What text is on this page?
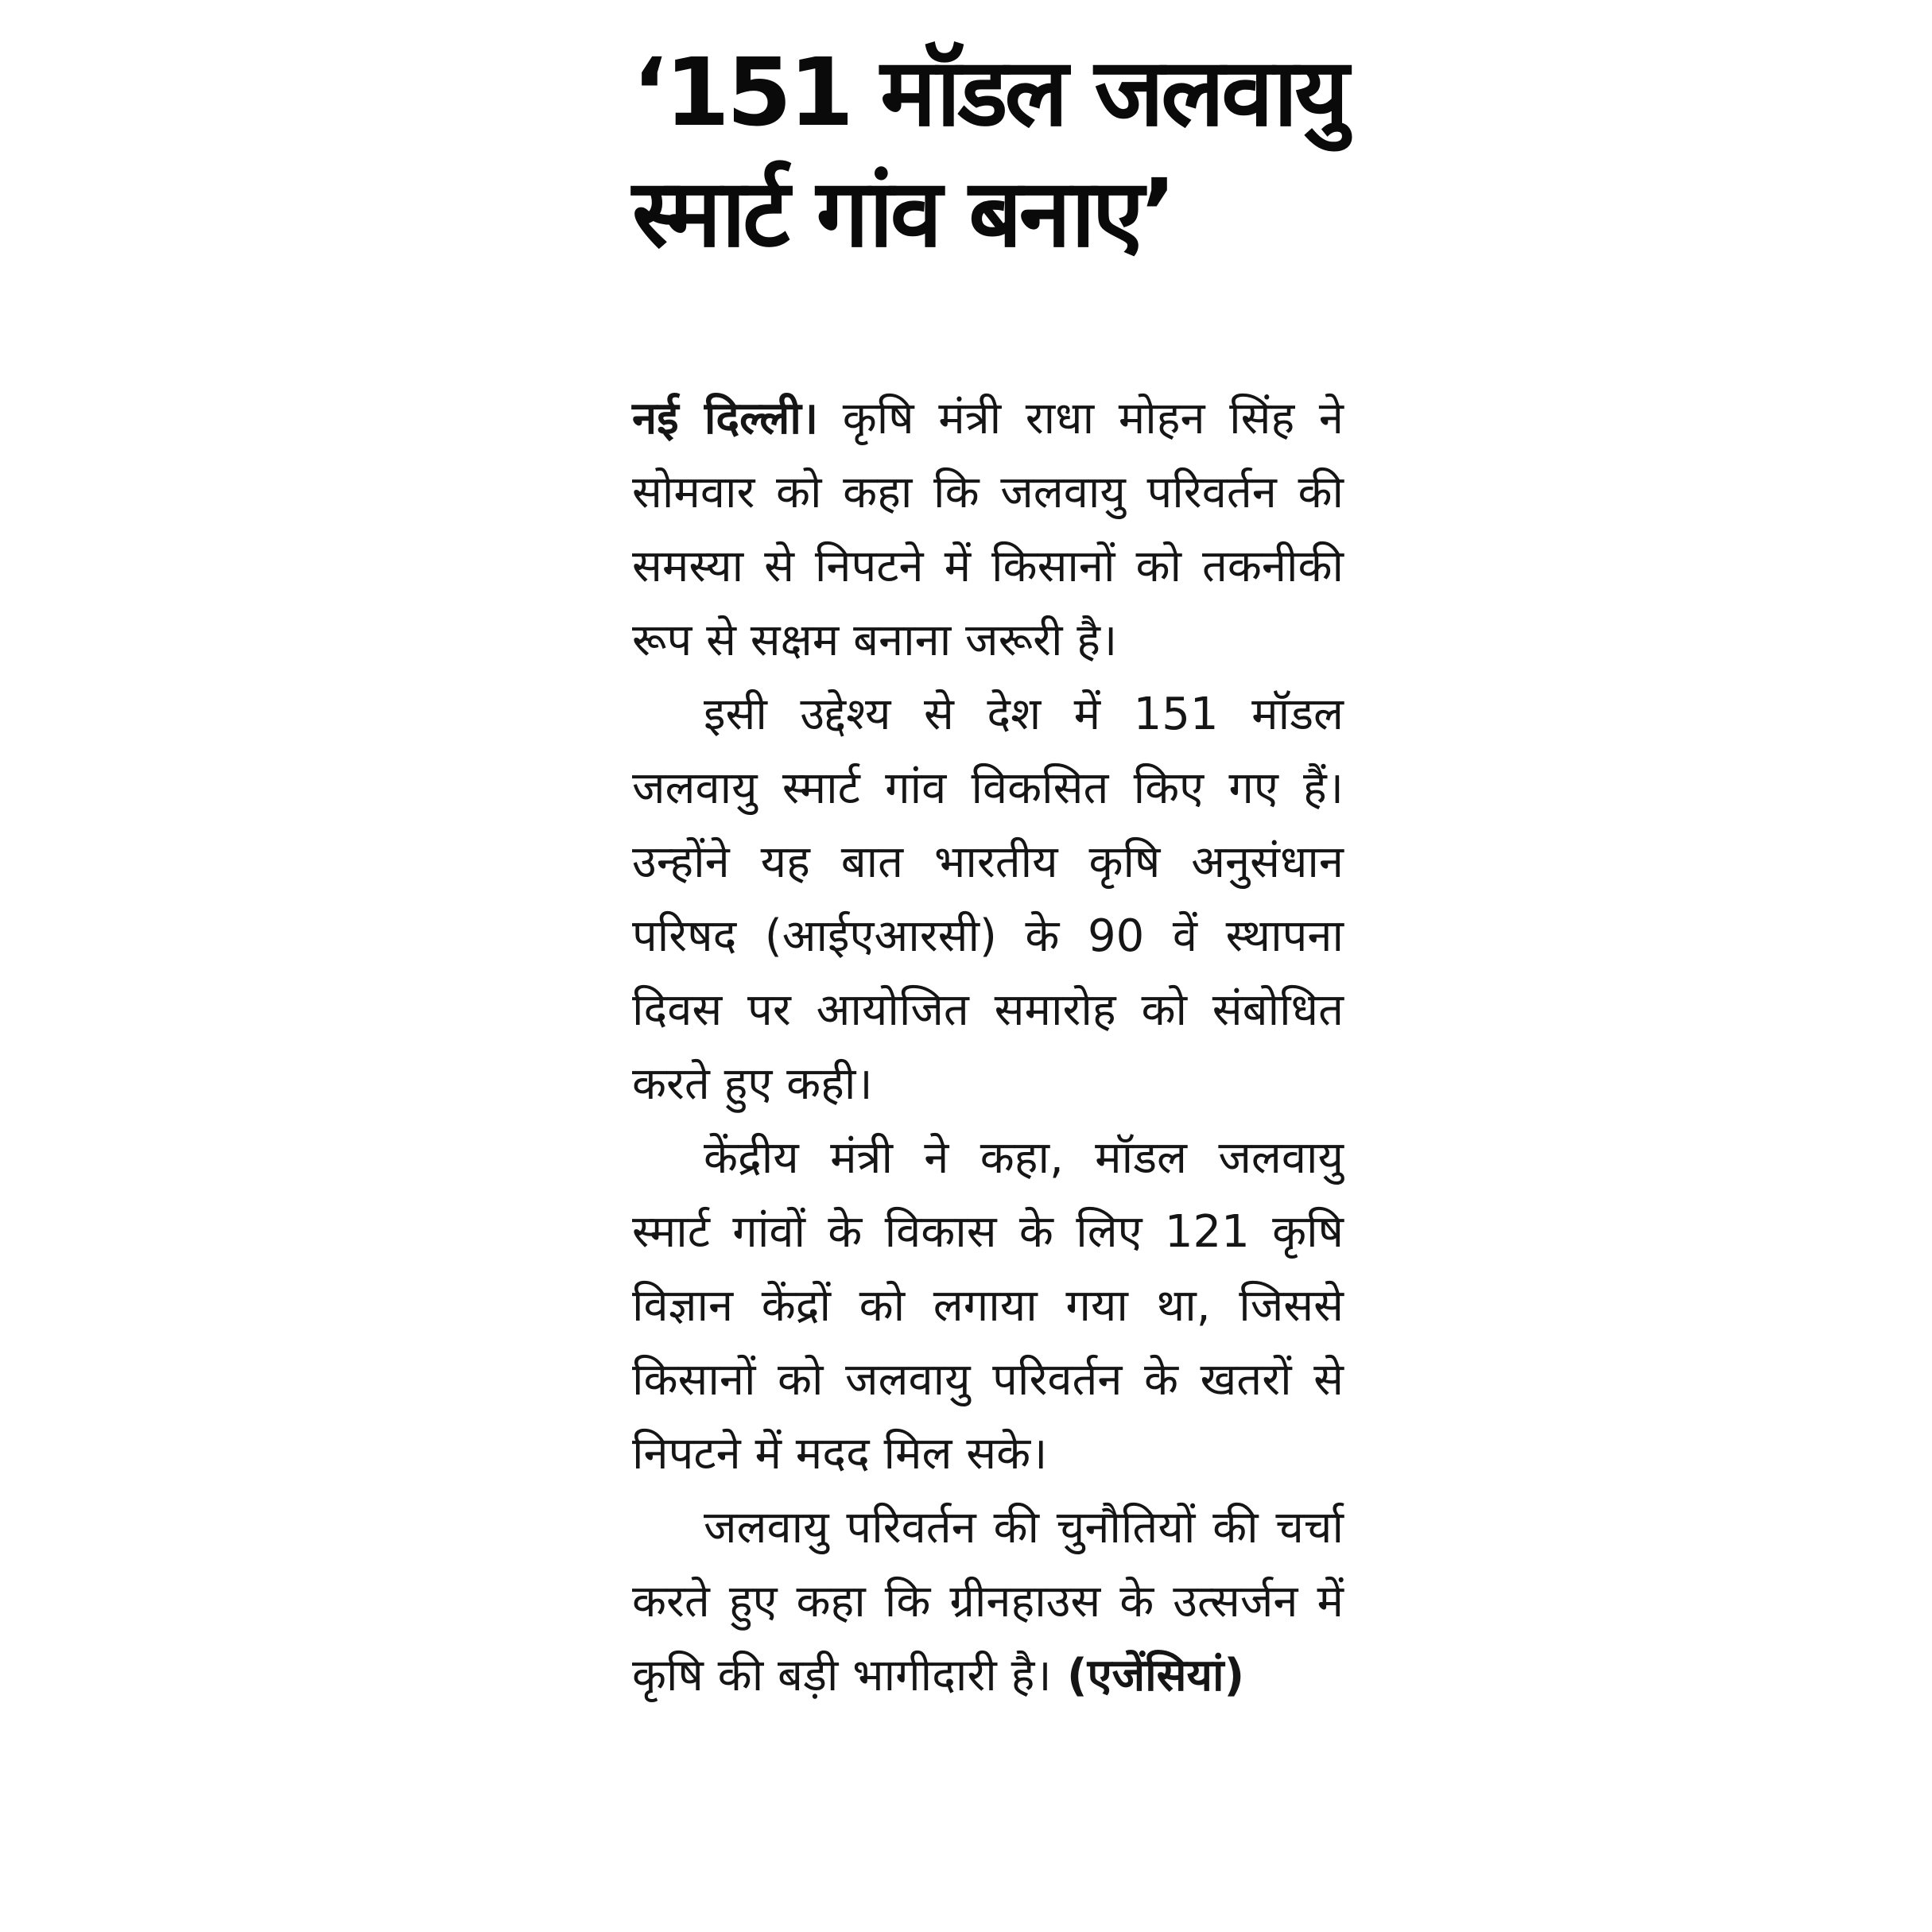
‘151 मॉडल जलवायु
स्मार्ट गांव बनाए’

नई दिल्ली। कृषि मंत्री राधा मोहन सिंह ने सोमवार को कहा कि जलवायु परिवर्तन की समस्या से निपटने में किसानों को तकनीकी रूप से सक्षम बनाना जरूरी है।

इसी उद्देश्य से देश में 151 मॉडल जलवायु स्मार्ट गांव विकसित किए गए हैं। उन्होंने यह बात भारतीय कृषि अनुसंधान परिषद (आईएआरसी) के 90 वें स्थापना दिवस पर आयोजित समारोह को संबोधित करते हुए कही।

केंद्रीय मंत्री ने कहा, मॉडल जलवायु स्मार्ट गांवों के विकास के लिए 121 कृषि विज्ञान केंद्रों को लगाया गया था, जिससे किसानों को जलवायु परिवर्तन के खतरों से निपटने में मदद मिल सके।

जलवायु परिवर्तन की चुनौतियों की चर्चा करते हुए कहा कि ग्रीनहाउस के उत्सर्जन में कृषि की बड़ी भागीदारी है। (एजेंसियां)
